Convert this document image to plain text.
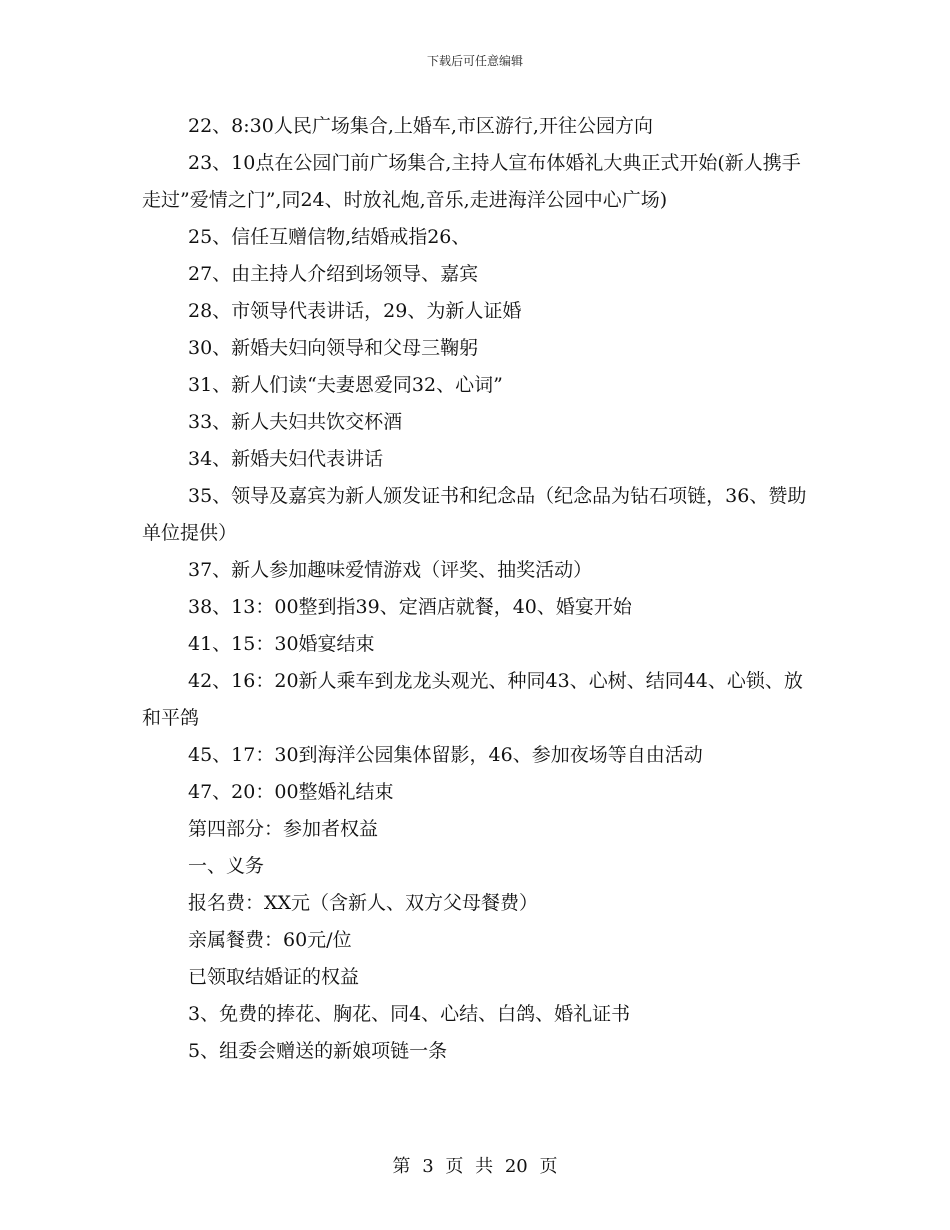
下载后可任意编辑

22、8:30人民广场集合,上婚车,市区游行,开往公园方向

23、10点在公园门前广场集合,主持人宣布体婚礼大典正式开始(新人携手走过”爱情之门”,同24、时放礼炮,音乐,走进海洋公园中心广场)

25、信任互赠信物,结婚戒指26、

27、由主持人介绍到场领导、嘉宾

28、市领导代表讲话，29、为新人证婚

30、新婚夫妇向领导和父母三鞠躬

31、新人们读“夫妻恩爱同32、心词”

33、新人夫妇共饮交杯酒

34、新婚夫妇代表讲话

35、领导及嘉宾为新人颁发证书和纪念品（纪念品为钻石项链，36、赞助单位提供）

37、新人参加趣味爱情游戏（评奖、抽奖活动）

38、13：00整到指39、定酒店就餐，40、婚宴开始

41、15：30婚宴结束

42、16：20新人乘车到龙龙头观光、种同43、心树、结同44、心锁、放和平鸽

45、17：30到海洋公园集体留影，46、参加夜场等自由活动

47、20：00整婚礼结束

第四部分：参加者权益

一、义务

报名费：XX元（含新人、双方父母餐费）

亲属餐费：60元/位

已领取结婚证的权益

3、免费的捧花、胸花、同4、心结、白鸽、婚礼证书

5、组委会赠送的新娘项链一条

第 3 页 共 20 页
